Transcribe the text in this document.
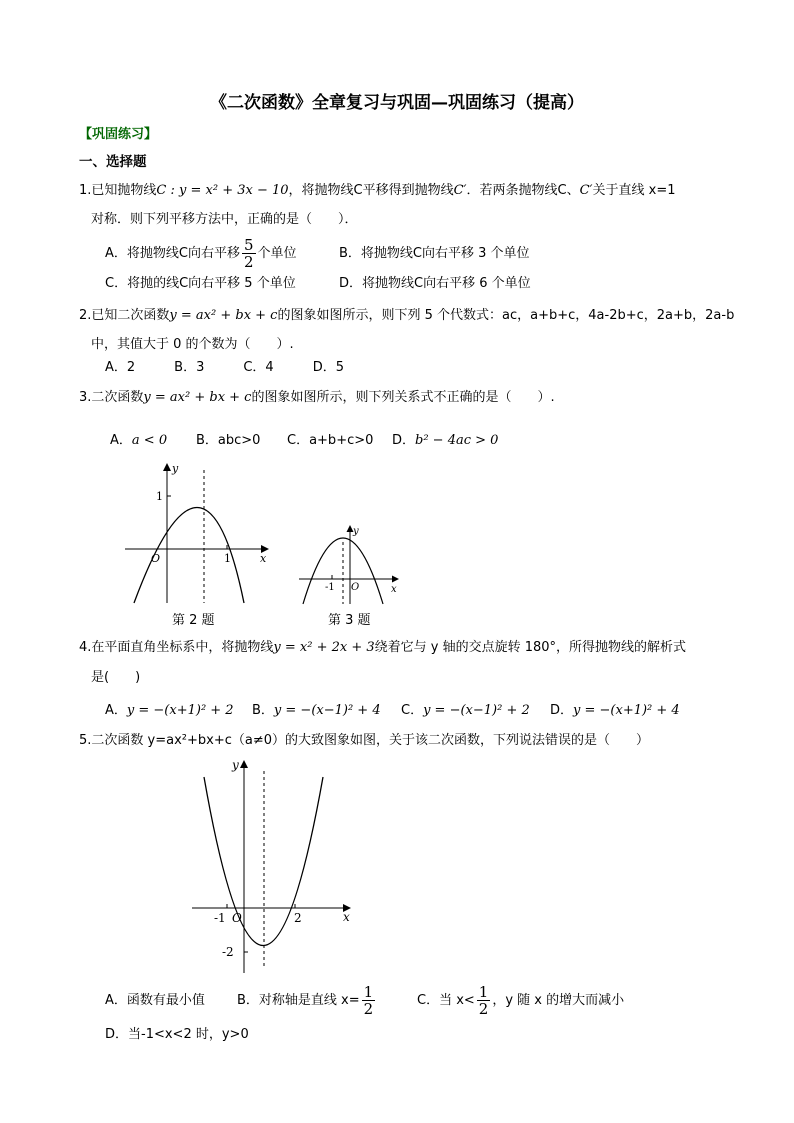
《二次函数》全章复习与巩固—巩固练习（提高）
【巩固练习】
一、选择题
1.已知抛物线C : y = x² + 3x − 10，将抛物线C平移得到抛物线C′．若两条抛物线C、C′关于直线 x=1
对称．则下列平移方法中，正确的是（　　）．
A．将抛物线C向右平移 $\frac{5}{2}$ 个单位	B．将抛物线C向右平移 3 个单位
C．将抛的线C向右平移 5 个单位	D．将抛物线C向右平移 6 个单位
2.已知二次函数y = ax² + bx + c的图象如图所示，则下列 5 个代数式：ac，a+b+c，4a-2b+c，2a+b，2a-b
中，其值大于 0 的个数为（　　）.
A．2　　　B．3　　　C．4　　　D．5
3.二次函数y = ax² + bx + c的图象如图所示，则下列关系式不正确的是（　　）.
A．a < 0 B．abc>0 C．a+b+c>0 D．b² − 4ac > 0
y
x
O
1
1
第 2 题
y
x
O
-1
第 3 题
4.在平面直角坐标系中，将抛物线y = x² + 2x + 3绕着它与 y 轴的交点旋转 180°，所得抛物线的解析式
是(　　)
A．y = −(x+1)² + 2 B．y = −(x−1)² + 4 C．y = −(x−1)² + 2 D．y = −(x+1)² + 4
5.二次函数 y=ax²+bx+c（a≠0）的大致图象如图，关于该二次函数，下列说法错误的是（　　）
y
x
O
-1	2
-2
A．函数有最小值 B．对称轴是直线 $x= \frac{1}{2}$	C．当 $x< \frac{1}{2}$ ，y 随 x 的增大而减小
D．当-1<x<2 时，y>0
